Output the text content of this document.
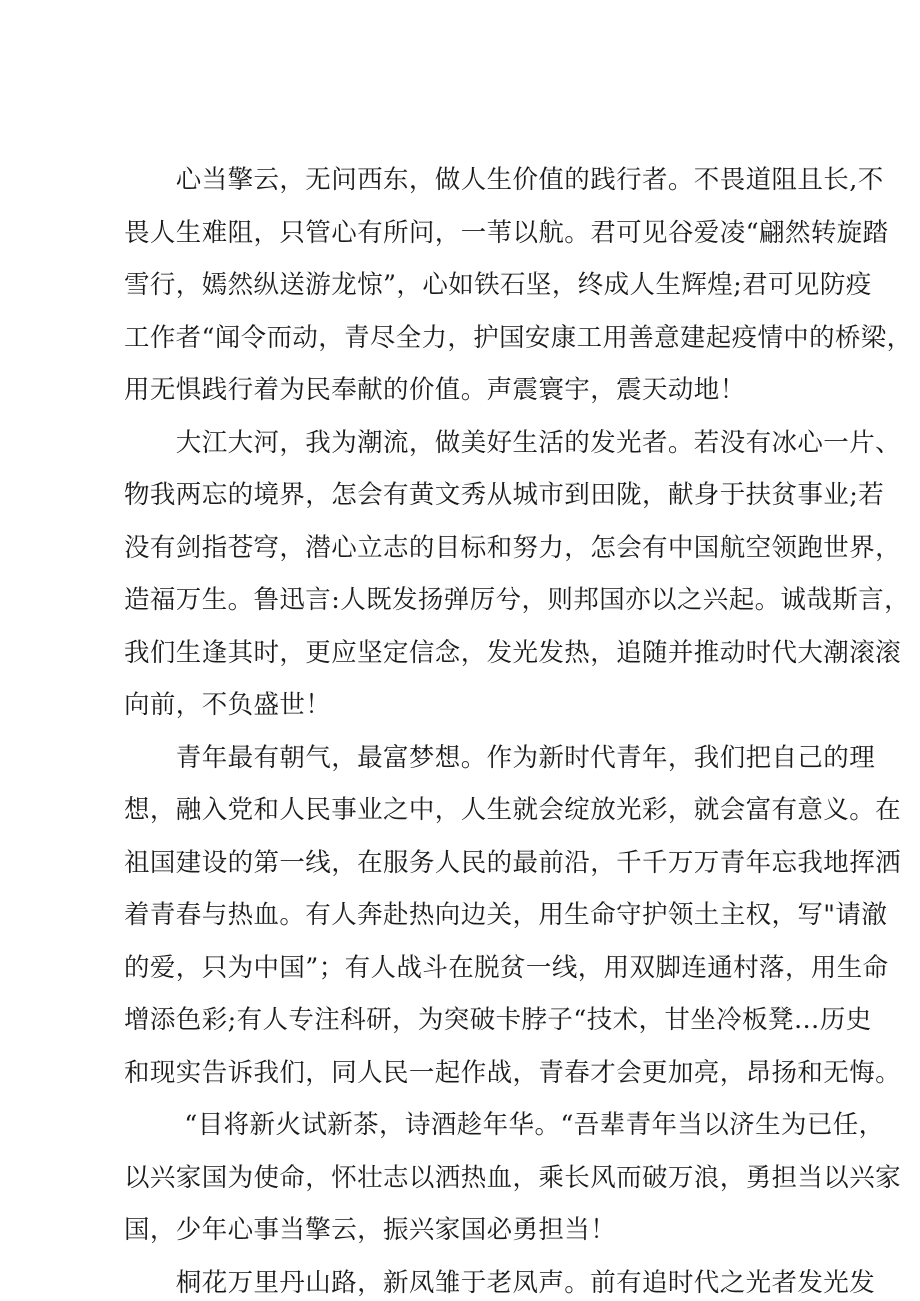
　　心当擎云，无问西东，做人生价值的践行者。不畏道阻且长,不
畏人生难阻，只管心有所问，一苇以航。君可见谷爱凌“翩然转旋踏
雪行，嫣然纵送游龙惊”，心如铁石坚，终成人生辉煌;君可见防疫
工作者“闻令而动，青尽全力，护国安康工用善意建起疫情中的桥梁，
用无惧践行着为民奉献的价值。声震寰宇，震天动地！
　　大江大河，我为潮流，做美好生活的发光者。若没有冰心一片、
物我两忘的境界，怎会有黄文秀从城市到田陇，献身于扶贫事业;若
没有剑指苍穹，潜心立志的目标和努力，怎会有中国航空领跑世界，
造福万生。鲁迅言:人既发扬弹厉兮，则邦国亦以之兴起。诚哉斯言，
我们生逢其时，更应坚定信念，发光发热，追随并推动时代大潮滚滚
向前，不负盛世！
　　青年最有朝气，最富梦想。作为新时代青年，我们把自己的理
想，融入党和人民事业之中，人生就会绽放光彩，就会富有意义。在
祖国建设的第一线，在服务人民的最前沿，千千万万青年忘我地挥洒
着青春与热血。有人奔赴热向边关，用生命守护领土主权，写"请澈
的爱，只为中国”；有人战斗在脱贫一线，用双脚连通村落，用生命
增添色彩;有人专注科研，为突破卡脖子“技术，甘坐冷板凳…历史
和现实告诉我们，同人民一起作战，青春才会更加亮，昂扬和无悔。
　　 “目将新火试新茶，诗酒趁年华。“吾辈青年当以济生为已任，
以兴家国为使命，怀壮志以洒热血，乘长风而破万浪，勇担当以兴家
国，少年心事当擎云，振兴家国必勇担当！
　　桐花万里丹山路，新凤雏于老凤声。前有追时代之光者发光发
